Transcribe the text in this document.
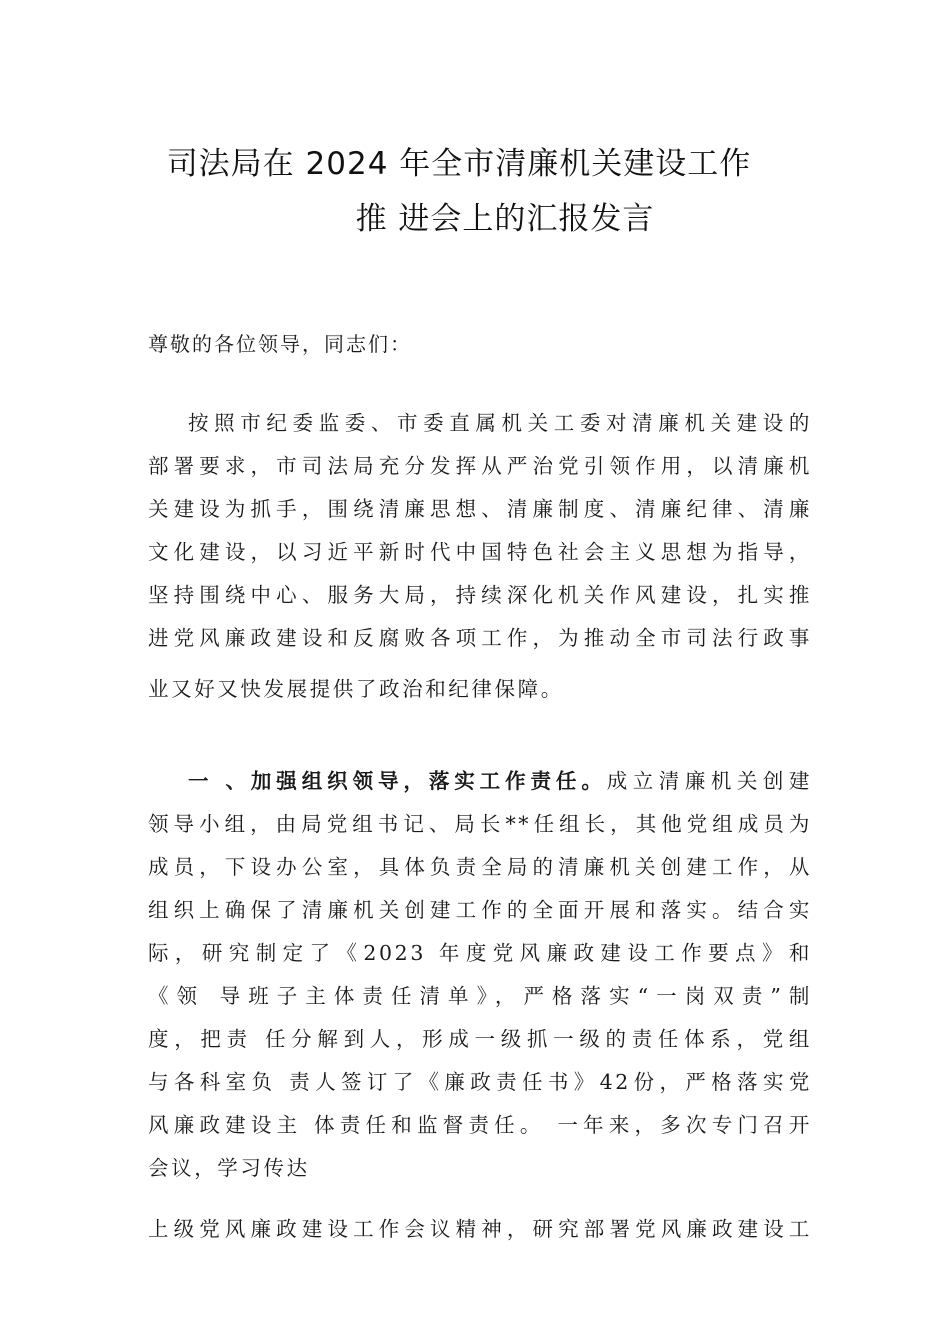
司法局在 2024 年全市清廉机关建设工作
推 进会上的汇报发言
尊敬的各位领导，同志们：
按照市纪委监委、市委直属机关工委对清廉机关建设的
部署要求，市司法局充分发挥从严治党引领作用，以清廉机
关建设为抓手，围绕清廉思想、清廉制度、清廉纪律、清廉
文化建设，以习近平新时代中国特色社会主义思想为指导，
坚持围绕中心、服务大局，持续深化机关作风建设，扎实推
进党风廉政建设和反腐败各项工作，为推动全市司法行政事
业又好又快发展提供了政治和纪律保障。
一 、加强组织领导，落实工作责任。成立清廉机关创建
领导小组，由局党组书记、局长**任组长，其他党组成员为
成员，下设办公室，具体负责全局的清廉机关创建工作，从
组织上确保了清廉机关创建工作的全面开展和落实。结合实
际，研究制定了《2023 年度党风廉政建设工作要点》和
《领 导班子主体责任清单》，严格落实“一岗双责”制
度，把责 任分解到人，形成一级抓一级的责任体系，党组
与各科室负 责人签订了《廉政责任书》42份，严格落实党
风廉政建设主 体责任和监督责任。 一年来，多次专门召开
会议，学习传达
上级党风廉政建设工作会议精神，研究部署党风廉政建设工
